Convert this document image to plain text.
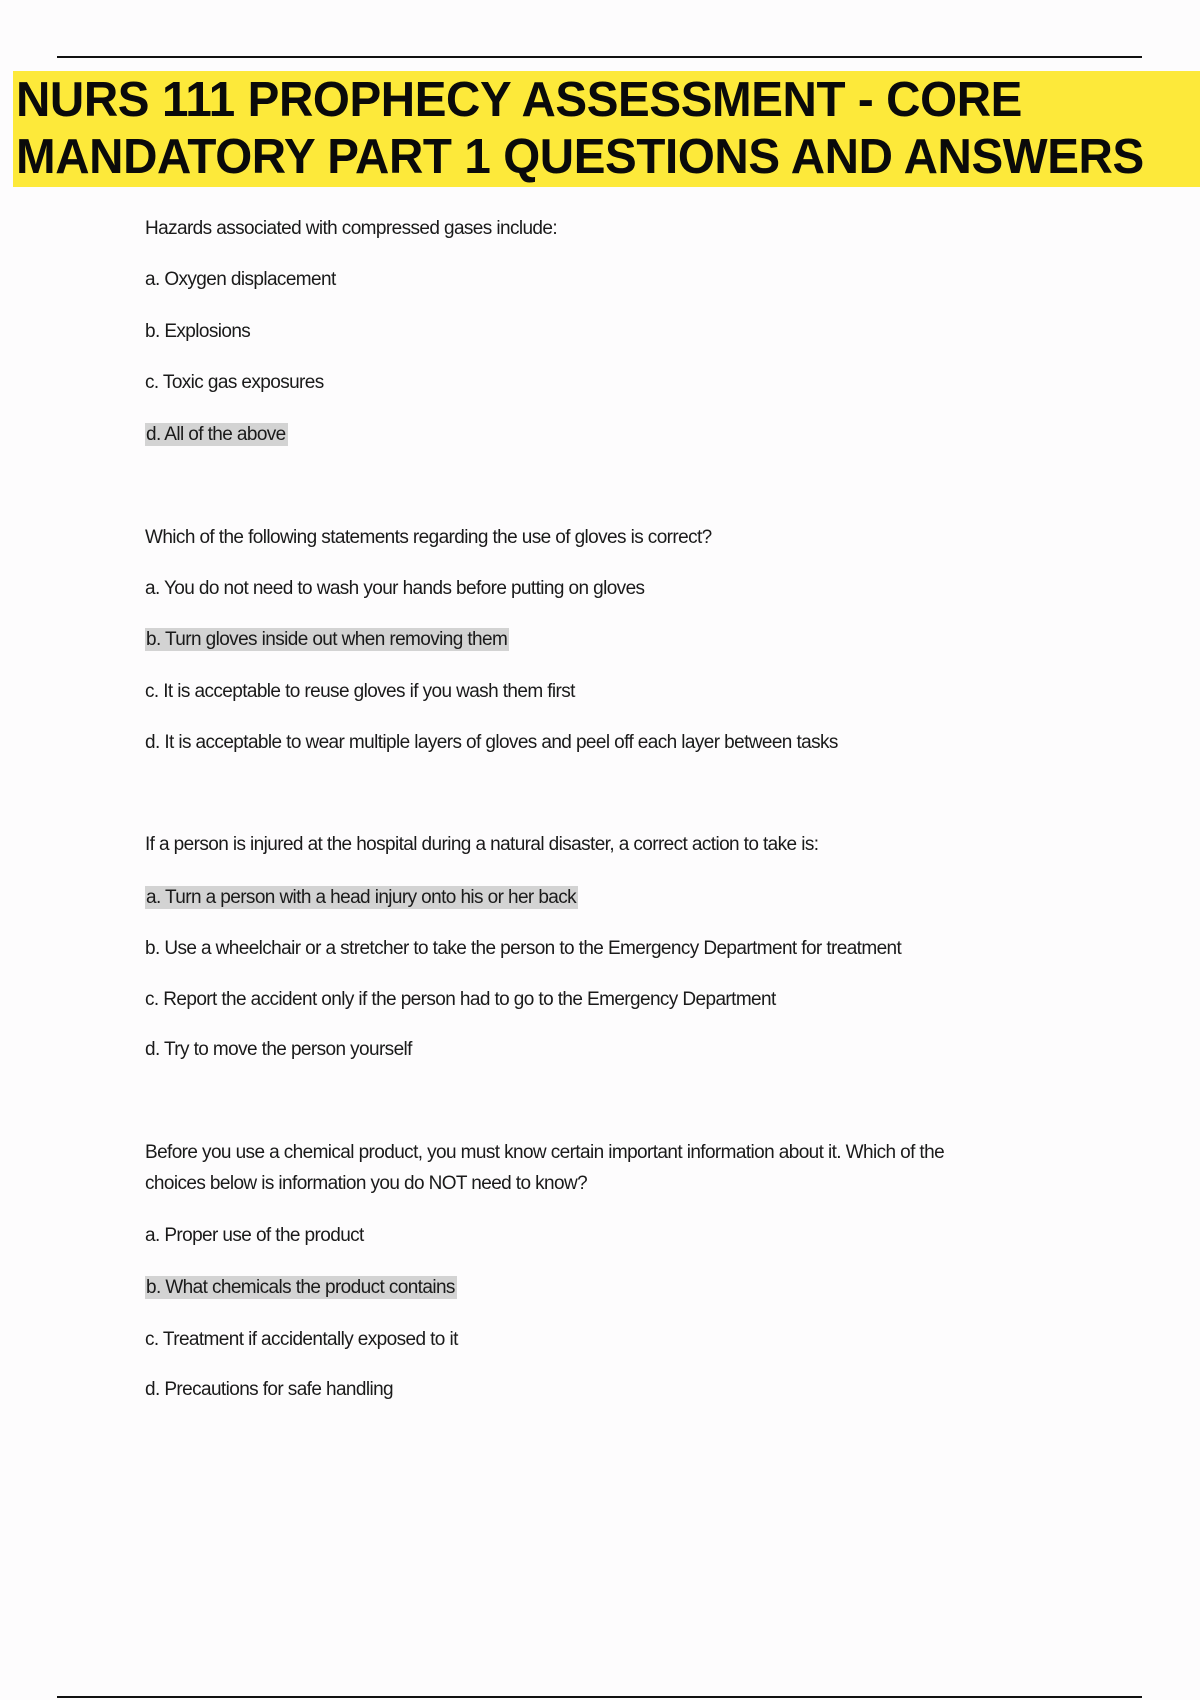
NURS 111 PROPHECY ASSESSMENT - CORE
MANDATORY PART 1 QUESTIONS AND ANSWERS
Hazards associated with compressed gases include:
a. Oxygen displacement
b. Explosions
c. Toxic gas exposures
d. All of the above
Which of the following statements regarding the use of gloves is correct?
a. You do not need to wash your hands before putting on gloves
b. Turn gloves inside out when removing them
c. It is acceptable to reuse gloves if you wash them first
d. It is acceptable to wear multiple layers of gloves and peel off each layer between tasks
If a person is injured at the hospital during a natural disaster, a correct action to take is:
a. Turn a person with a head injury onto his or her back
b. Use a wheelchair or a stretcher to take the person to the Emergency Department for treatment
c. Report the accident only if the person had to go to the Emergency Department
d. Try to move the person yourself
Before you use a chemical product, you must know certain important information about it. Which of the
choices below is information you do NOT need to know?
a. Proper use of the product
b. What chemicals the product contains
c. Treatment if accidentally exposed to it
d. Precautions for safe handling
